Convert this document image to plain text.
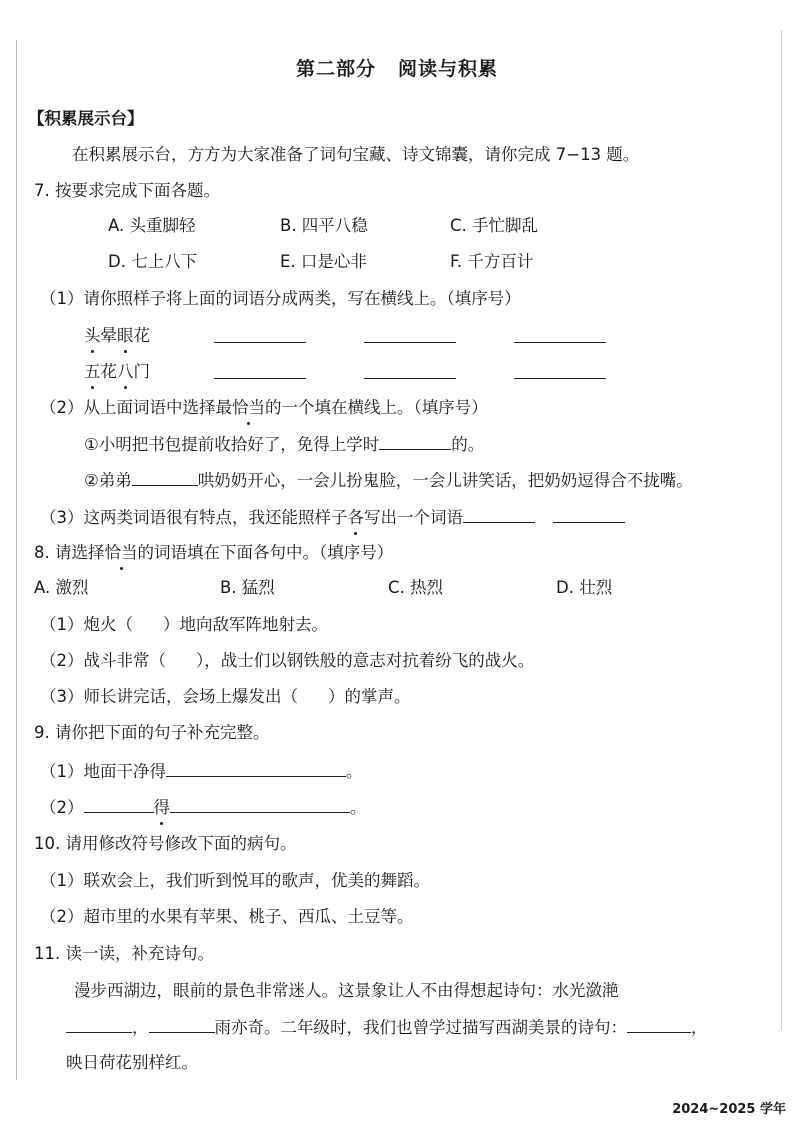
第二部分 阅读与积累
【积累展示台】
在积累展示台，方方为大家准备了词句宝藏、诗文锦囊，请你完成 7−13 题。
7. 按要求完成下面各题。
A. 头重脚轻	B. 四平八稳	C. 手忙脚乱
D. 七上八下	E. 口是心非	F. 千方百计
（1）请你照样子将上面的词语分成两类，写在横线上。（填序号）
头晕眼花
五花八门
（2）从上面词语中选择最恰当的一个填在横线上。（填序号）
①小明把书包提前收拾好了，免得上学时	的。
②弟弟	哄奶奶开心，一会儿扮鬼脸，一会儿讲笑话，把奶奶逗得合不拢嘴。
（3）这两类词语很有特点，我还能照样子各写出一个词语
8. 请选择恰当的词语填在下面各句中。（填序号）
A. 激烈	B. 猛烈	C. 热烈	D. 壮烈
（1）炮火（ ）地向敌军阵地射去。
（2）战斗非常（ ），战士们以钢铁般的意志对抗着纷飞的战火。
（3）师长讲完话，会场上爆发出（ ）的掌声。
9. 请你把下面的句子补充完整。
（1）地面干净得	。
（2）	得	。
10. 请用修改符号修改下面的病句。
（1）联欢会上，我们听到悦耳的歌声，优美的舞蹈。
（2）超市里的水果有苹果、桃子、西瓜、土豆等。
11. 读一读，补充诗句。
漫步西湖边，眼前的景色非常迷人。这景象让人不由得想起诗句：水光潋滟
，	雨亦奇。二年级时，我们也曾学过描写西湖美景的诗句：	，
映日荷花别样红。
2024~2025 学年
